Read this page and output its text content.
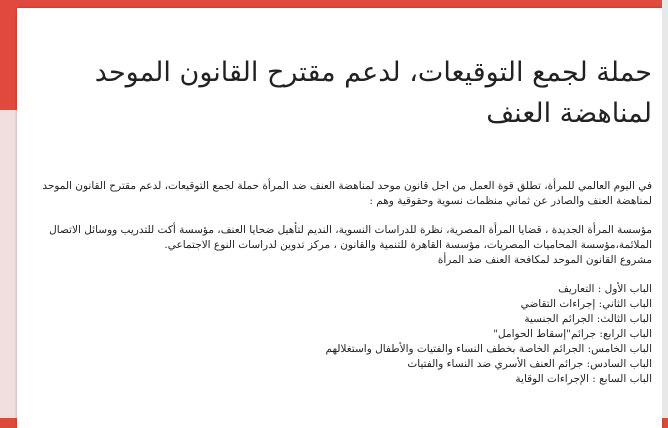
حملة لجمع التوقيعات، لدعم مقترح القانون الموحد لمناهضة العنف

في اليوم العالمي للمرأة، تطلق قوة العمل من اجل قانون موحد لمناهضة العنف ضد المرأة حملة لجمع التوقيعات، لدعم مقترح القانون الموحد لمناهضة العنف والصادر عن ثماني منظمات نسوية وحقوقية وهم :

مؤسسة المرأة الجديدة ، قضايا المرأة المصرية، نظرة للدراسات النسوية، النديم لتأهيل ضحايا العنف، مؤسسة أكت للتدريب ووسائل الاتصال الملائمة،مؤسسة المحاميات المصريات، مؤسسة القاهرة للتنمية والقانون ، مركز تدوين لدراسات النوع الاجتماعي.

مشروع القانون الموحد لمكافحة العنف ضد المرأة

الباب الأول : التعاريف
الباب الثاني: إجراءات التقاضي
الباب الثالث: الجرائم الجنسية
الباب الرابع: جرائم"إسقاط الحوامل"
الباب الخامس: الجرائم الخاصة بخطف النساء والفتيات والأطفال واستغلالهم
الباب السادس: جرائم العنف الأسري ضد النساء والفتيات
الباب السابع : الإجراءات الوقاية
